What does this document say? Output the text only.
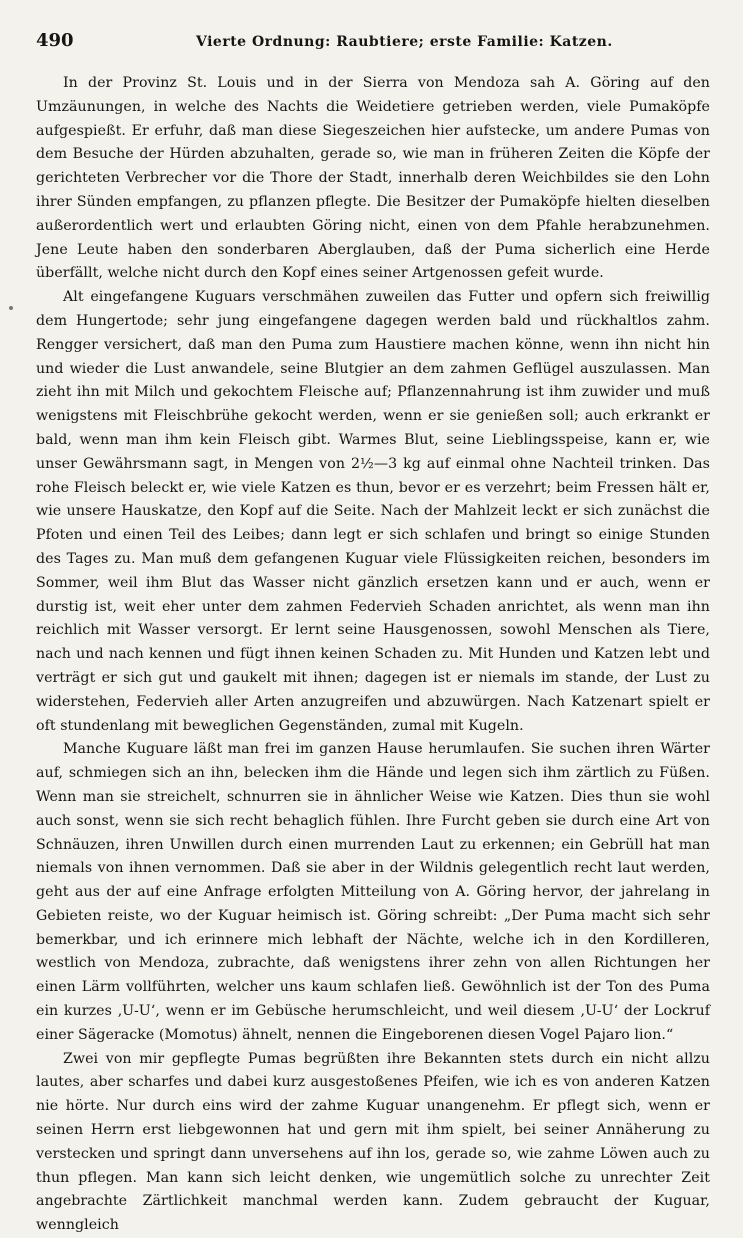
490	Vierte Ordnung: Raubtiere; erste Familie: Katzen.

In der Provinz St. Louis und in der Sierra von Mendoza sah A. Göring auf den Umzäunungen, in welche des Nachts die Weidetiere getrieben werden, viele Pumaköpfe aufgespießt. Er erfuhr, daß man diese Siegeszeichen hier aufstecke, um andere Pumas von dem Besuche der Hürden abzuhalten, gerade so, wie man in früheren Zeiten die Köpfe der gerichteten Verbrecher vor die Thore der Stadt, innerhalb deren Weichbildes sie den Lohn ihrer Sünden empfangen, zu pflanzen pflegte. Die Besitzer der Pumaköpfe hielten dieselben außerordentlich wert und erlaubten Göring nicht, einen von dem Pfahle herabzunehmen. Jene Leute haben den sonderbaren Aberglauben, daß der Puma sicherlich eine Herde überfällt, welche nicht durch den Kopf eines seiner Artgenossen gefeit wurde.

Alt eingefangene Kuguars verschmähen zuweilen das Futter und opfern sich freiwillig dem Hungertode; sehr jung eingefangene dagegen werden bald und rückhaltlos zahm. Rengger versichert, daß man den Puma zum Haustiere machen könne, wenn ihn nicht hin und wieder die Lust anwandele, seine Blutgier an dem zahmen Geflügel auszulassen. Man zieht ihn mit Milch und gekochtem Fleische auf; Pflanzennahrung ist ihm zuwider und muß wenigstens mit Fleischbrühe gekocht werden, wenn er sie genießen soll; auch erkrankt er bald, wenn man ihm kein Fleisch gibt. Warmes Blut, seine Lieblingsspeise, kann er, wie unser Gewährsmann sagt, in Mengen von 2½—3 kg auf einmal ohne Nachteil trinken. Das rohe Fleisch beleckt er, wie viele Katzen es thun, bevor er es verzehrt; beim Fressen hält er, wie unsere Hauskatze, den Kopf auf die Seite. Nach der Mahlzeit leckt er sich zunächst die Pfoten und einen Teil des Leibes; dann legt er sich schlafen und bringt so einige Stunden des Tages zu. Man muß dem gefangenen Kuguar viele Flüssigkeiten reichen, besonders im Sommer, weil ihm Blut das Wasser nicht gänzlich ersetzen kann und er auch, wenn er durstig ist, weit eher unter dem zahmen Federvieh Schaden anrichtet, als wenn man ihn reichlich mit Wasser versorgt. Er lernt seine Hausgenossen, sowohl Menschen als Tiere, nach und nach kennen und fügt ihnen keinen Schaden zu. Mit Hunden und Katzen lebt und verträgt er sich gut und gaukelt mit ihnen; dagegen ist er niemals im stande, der Lust zu widerstehen, Federvieh aller Arten anzugreifen und abzuwürgen. Nach Katzenart spielt er oft stundenlang mit beweglichen Gegenständen, zumal mit Kugeln.

Manche Kuguare läßt man frei im ganzen Hause herumlaufen. Sie suchen ihren Wärter auf, schmiegen sich an ihn, belecken ihm die Hände und legen sich ihm zärtlich zu Füßen. Wenn man sie streichelt, schnurren sie in ähnlicher Weise wie Katzen. Dies thun sie wohl auch sonst, wenn sie sich recht behaglich fühlen. Ihre Furcht geben sie durch eine Art von Schnäuzen, ihren Unwillen durch einen murrenden Laut zu erkennen; ein Gebrüll hat man niemals von ihnen vernommen. Daß sie aber in der Wildnis gelegentlich recht laut werden, geht aus der auf eine Anfrage erfolgten Mitteilung von A. Göring hervor, der jahrelang in Gebieten reiste, wo der Kuguar heimisch ist. Göring schreibt: „Der Puma macht sich sehr bemerkbar, und ich erinnere mich lebhaft der Nächte, welche ich in den Kordilleren, westlich von Mendoza, zubrachte, daß wenigstens ihrer zehn von allen Richtungen her einen Lärm vollführten, welcher uns kaum schlafen ließ. Gewöhnlich ist der Ton des Puma ein kurzes ‚U-U‘, wenn er im Gebüsche herumschleicht, und weil diesem ‚U-U‘ der Lockruf einer Sägeracke (Momotus) ähnelt, nennen die Eingeborenen diesen Vogel Pajaro lion.“

Zwei von mir gepflegte Pumas begrüßten ihre Bekannten stets durch ein nicht allzu lautes, aber scharfes und dabei kurz ausgestoßenes Pfeifen, wie ich es von anderen Katzen nie hörte. Nur durch eins wird der zahme Kuguar unangenehm. Er pflegt sich, wenn er seinen Herrn erst liebgewonnen hat und gern mit ihm spielt, bei seiner Annäherung zu verstecken und springt dann unversehens auf ihn los, gerade so, wie zahme Löwen auch zu thun pflegen. Man kann sich leicht denken, wie ungemütlich solche zu unrechter Zeit angebrachte Zärtlichkeit manchmal werden kann. Zudem gebraucht der Kuguar, wenngleich
